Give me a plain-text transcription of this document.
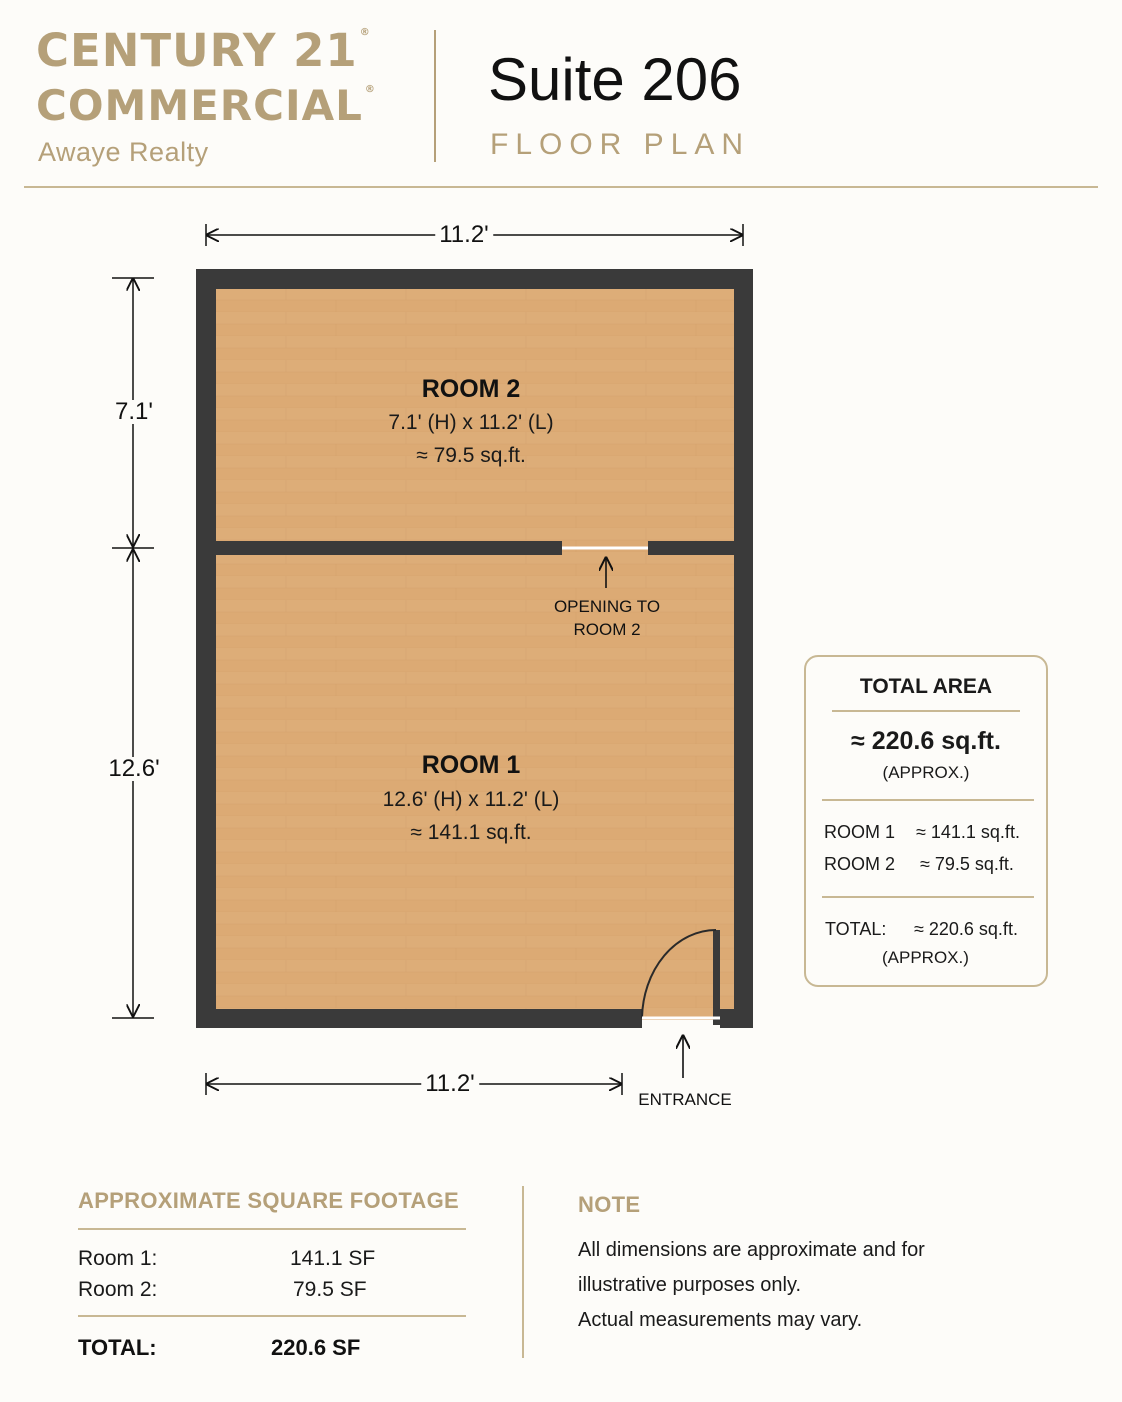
CENTURY 21 ®
COMMERCIAL ®
Awaye Realty
Suite 206
FLOOR PLAN
11.2'
11.2'
7.1'
12.6'
ROOM 2
7.1' (H) x 11.2' (L)
≈ 79.5 sq.ft.
ROOM 1
12.6' (H) x 11.2' (L)
≈ 141.1 sq.ft.
OPENING TO
ROOM 2
ENTRANCE
TOTAL AREA
≈ 220.6 sq.ft.
(APPROX.)
ROOM 1 ≈ 141.1 sq.ft.
ROOM 2 ≈ 79.5 sq.ft.
TOTAL: ≈ 220.6 sq.ft.
(APPROX.)
APPROXIMATE SQUARE FOOTAGE
Room 1:	141.1 SF
Room 2:	79.5 SF
TOTAL:	220.6 SF
NOTE
All dimensions are approximate and for
illustrative purposes only.
Actual measurements may vary.
